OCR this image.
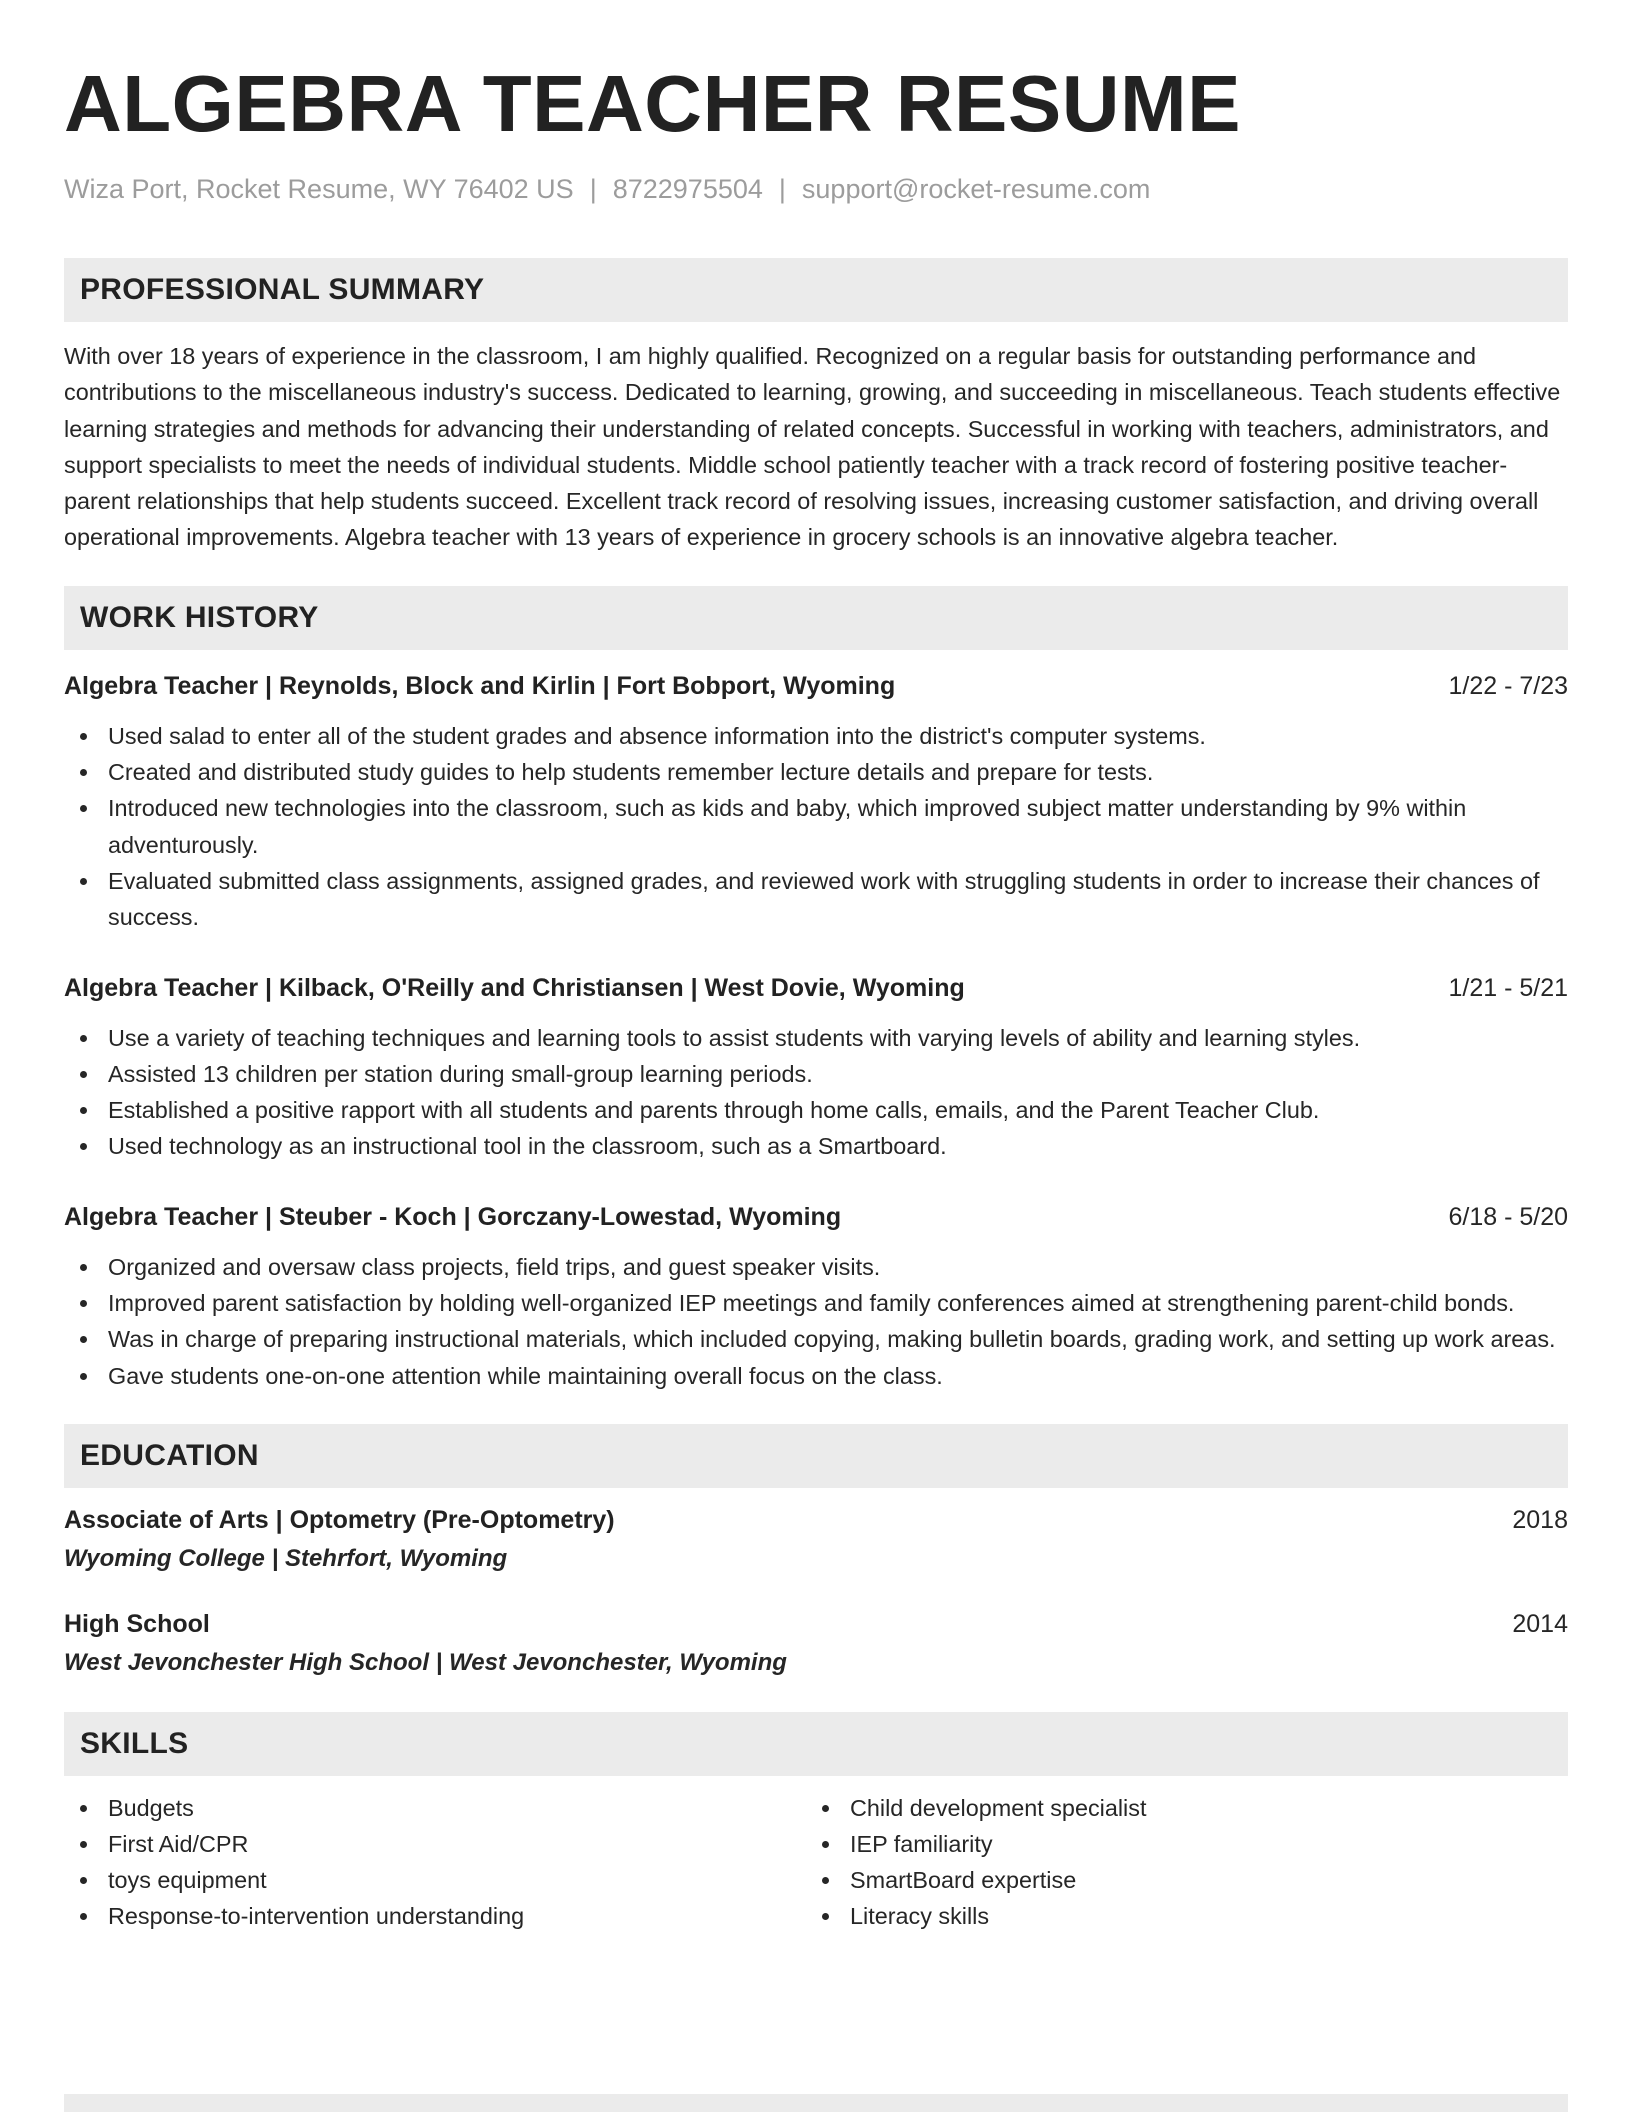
ALGEBRA TEACHER RESUME
Wiza Port, Rocket Resume, WY 76402 US | 8722975504 | support@rocket-resume.com
PROFESSIONAL SUMMARY
With over 18 years of experience in the classroom, I am highly qualified. Recognized on a regular basis for outstanding performance and contributions to the miscellaneous industry's success. Dedicated to learning, growing, and succeeding in miscellaneous. Teach students effective learning strategies and methods for advancing their understanding of related concepts. Successful in working with teachers, administrators, and support specialists to meet the needs of individual students. Middle school patiently teacher with a track record of fostering positive teacher-parent relationships that help students succeed. Excellent track record of resolving issues, increasing customer satisfaction, and driving overall operational improvements. Algebra teacher with 13 years of experience in grocery schools is an innovative algebra teacher.
WORK HISTORY
Algebra Teacher | Reynolds, Block and Kirlin | Fort Bobport, Wyoming	1/22 - 7/23
Used salad to enter all of the student grades and absence information into the district's computer systems.
Created and distributed study guides to help students remember lecture details and prepare for tests.
Introduced new technologies into the classroom, such as kids and baby, which improved subject matter understanding by 9% within adventurously.
Evaluated submitted class assignments, assigned grades, and reviewed work with struggling students in order to increase their chances of success.
Algebra Teacher | Kilback, O'Reilly and Christiansen | West Dovie, Wyoming	1/21 - 5/21
Use a variety of teaching techniques and learning tools to assist students with varying levels of ability and learning styles.
Assisted 13 children per station during small-group learning periods.
Established a positive rapport with all students and parents through home calls, emails, and the Parent Teacher Club.
Used technology as an instructional tool in the classroom, such as a Smartboard.
Algebra Teacher | Steuber - Koch | Gorczany-Lowestad, Wyoming	6/18 - 5/20
Organized and oversaw class projects, field trips, and guest speaker visits.
Improved parent satisfaction by holding well-organized IEP meetings and family conferences aimed at strengthening parent-child bonds.
Was in charge of preparing instructional materials, which included copying, making bulletin boards, grading work, and setting up work areas.
Gave students one-on-one attention while maintaining overall focus on the class.
EDUCATION
Associate of Arts | Optometry (Pre-Optometry)	2018
Wyoming College | Stehrfort, Wyoming
High School	2014
West Jevonchester High School | West Jevonchester, Wyoming
SKILLS
Budgets
First Aid/CPR
toys equipment
Response-to-intervention understanding
Child development specialist
IEP familiarity
SmartBoard expertise
Literacy skills
